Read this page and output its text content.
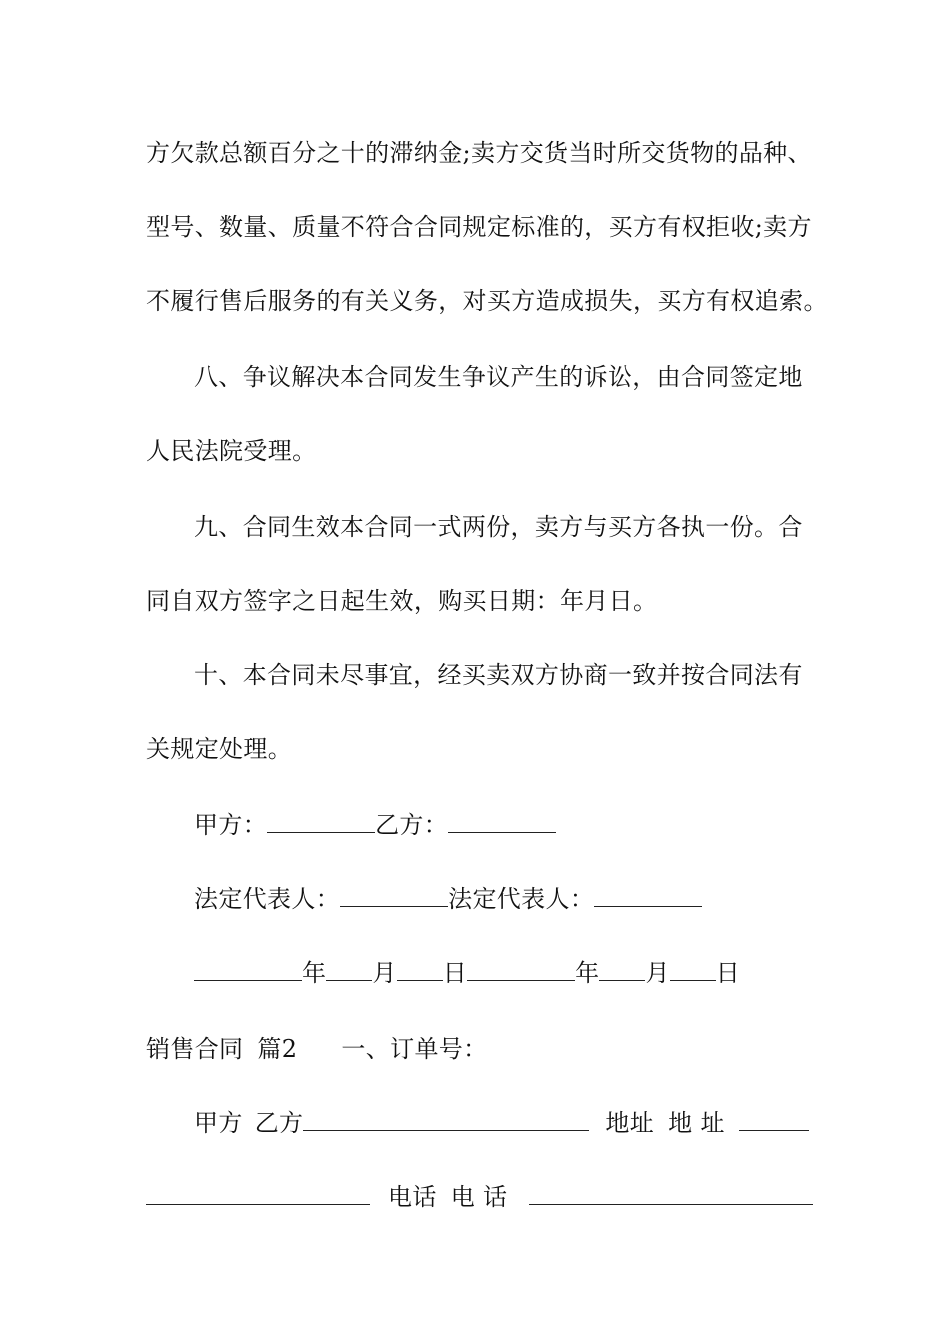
方欠款总额百分之十的滞纳金;卖方交货当时所交货物的品种、
型号、数量、质量不符合合同规定标准的，买方有权拒收;卖方
不履行售后服务的有关义务，对买方造成损失，买方有权追索。
八、争议解决本合同发生争议产生的诉讼，由合同签定地
人民法院受理。
九、合同生效本合同一式两份，卖方与买方各执一份。合
同自双方签字之日起生效，购买日期：年月日。
十、本合同未尽事宜，经买卖双方协商一致并按合同法有
关规定处理。
甲方：	乙方：
法定代表人：	法定代表人：
年 月 日	年 月 日
销售合同 篇2 一、订单号：
甲方 乙方	地址 地 址
电话 电 话
